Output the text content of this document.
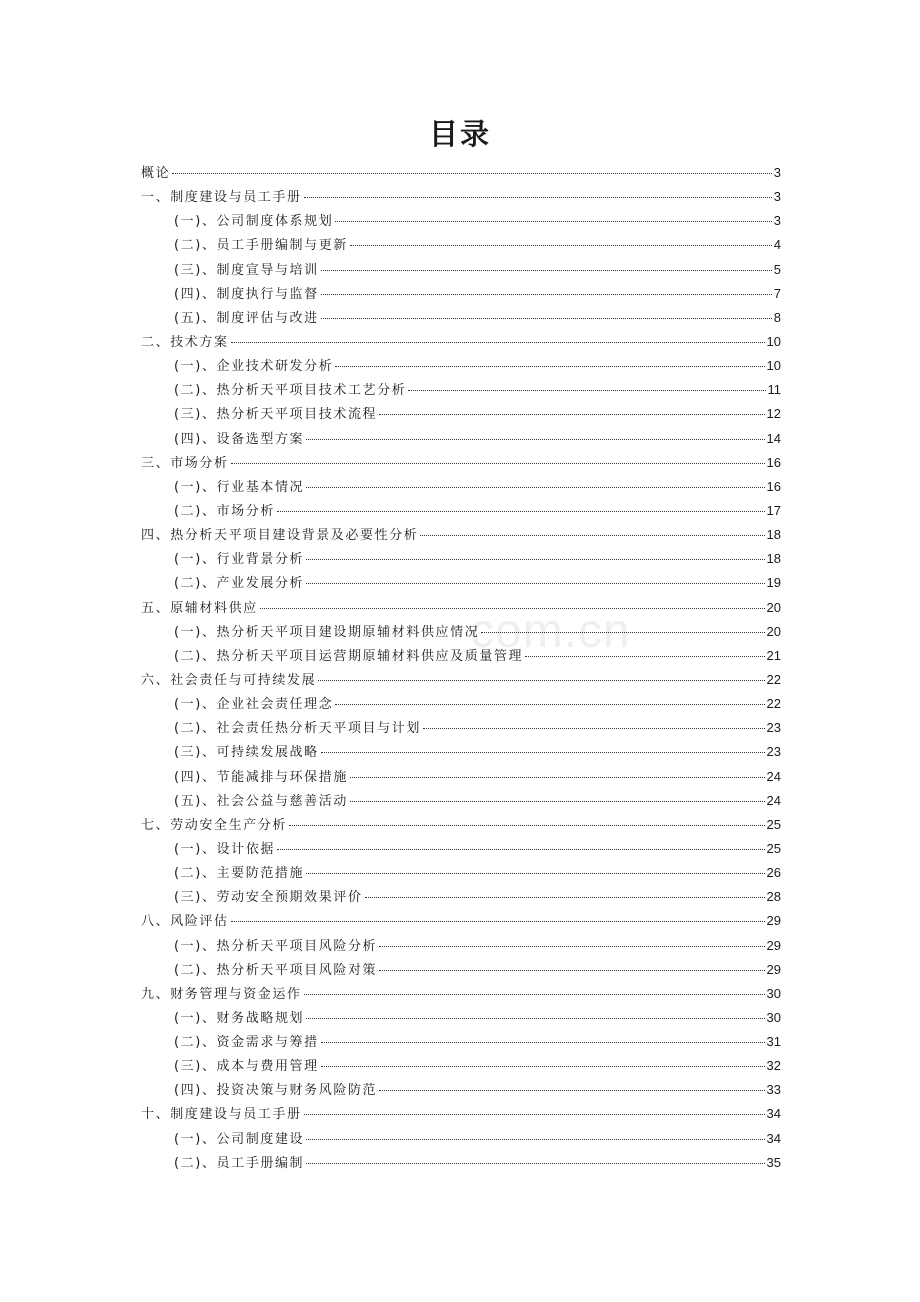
目录
概论	3
一、制度建设与员工手册	3
(一)、公司制度体系规划	3
(二)、员工手册编制与更新	4
(三)、制度宣导与培训	5
(四)、制度执行与监督	7
(五)、制度评估与改进	8
二、技术方案	10
(一)、企业技术研发分析	10
(二)、热分析天平项目技术工艺分析	11
(三)、热分析天平项目技术流程	12
(四)、设备选型方案	14
三、市场分析	16
(一)、行业基本情况	16
(二)、市场分析	17
四、热分析天平项目建设背景及必要性分析	18
(一)、行业背景分析	18
(二)、产业发展分析	19
五、原辅材料供应	20
(一)、热分析天平项目建设期原辅材料供应情况	20
(二)、热分析天平项目运营期原辅材料供应及质量管理	21
六、社会责任与可持续发展	22
(一)、企业社会责任理念	22
(二)、社会责任热分析天平项目与计划	23
(三)、可持续发展战略	23
(四)、节能减排与环保措施	24
(五)、社会公益与慈善活动	24
七、劳动安全生产分析	25
(一)、设计依据	25
(二)、主要防范措施	26
(三)、劳动安全预期效果评价	28
八、风险评估	29
(一)、热分析天平项目风险分析	29
(二)、热分析天平项目风险对策	29
九、财务管理与资金运作	30
(一)、财务战略规划	30
(二)、资金需求与筹措	31
(三)、成本与费用管理	32
(四)、投资决策与财务风险防范	33
十、制度建设与员工手册	34
(一)、公司制度建设	34
(二)、员工手册编制	35
com.cn
